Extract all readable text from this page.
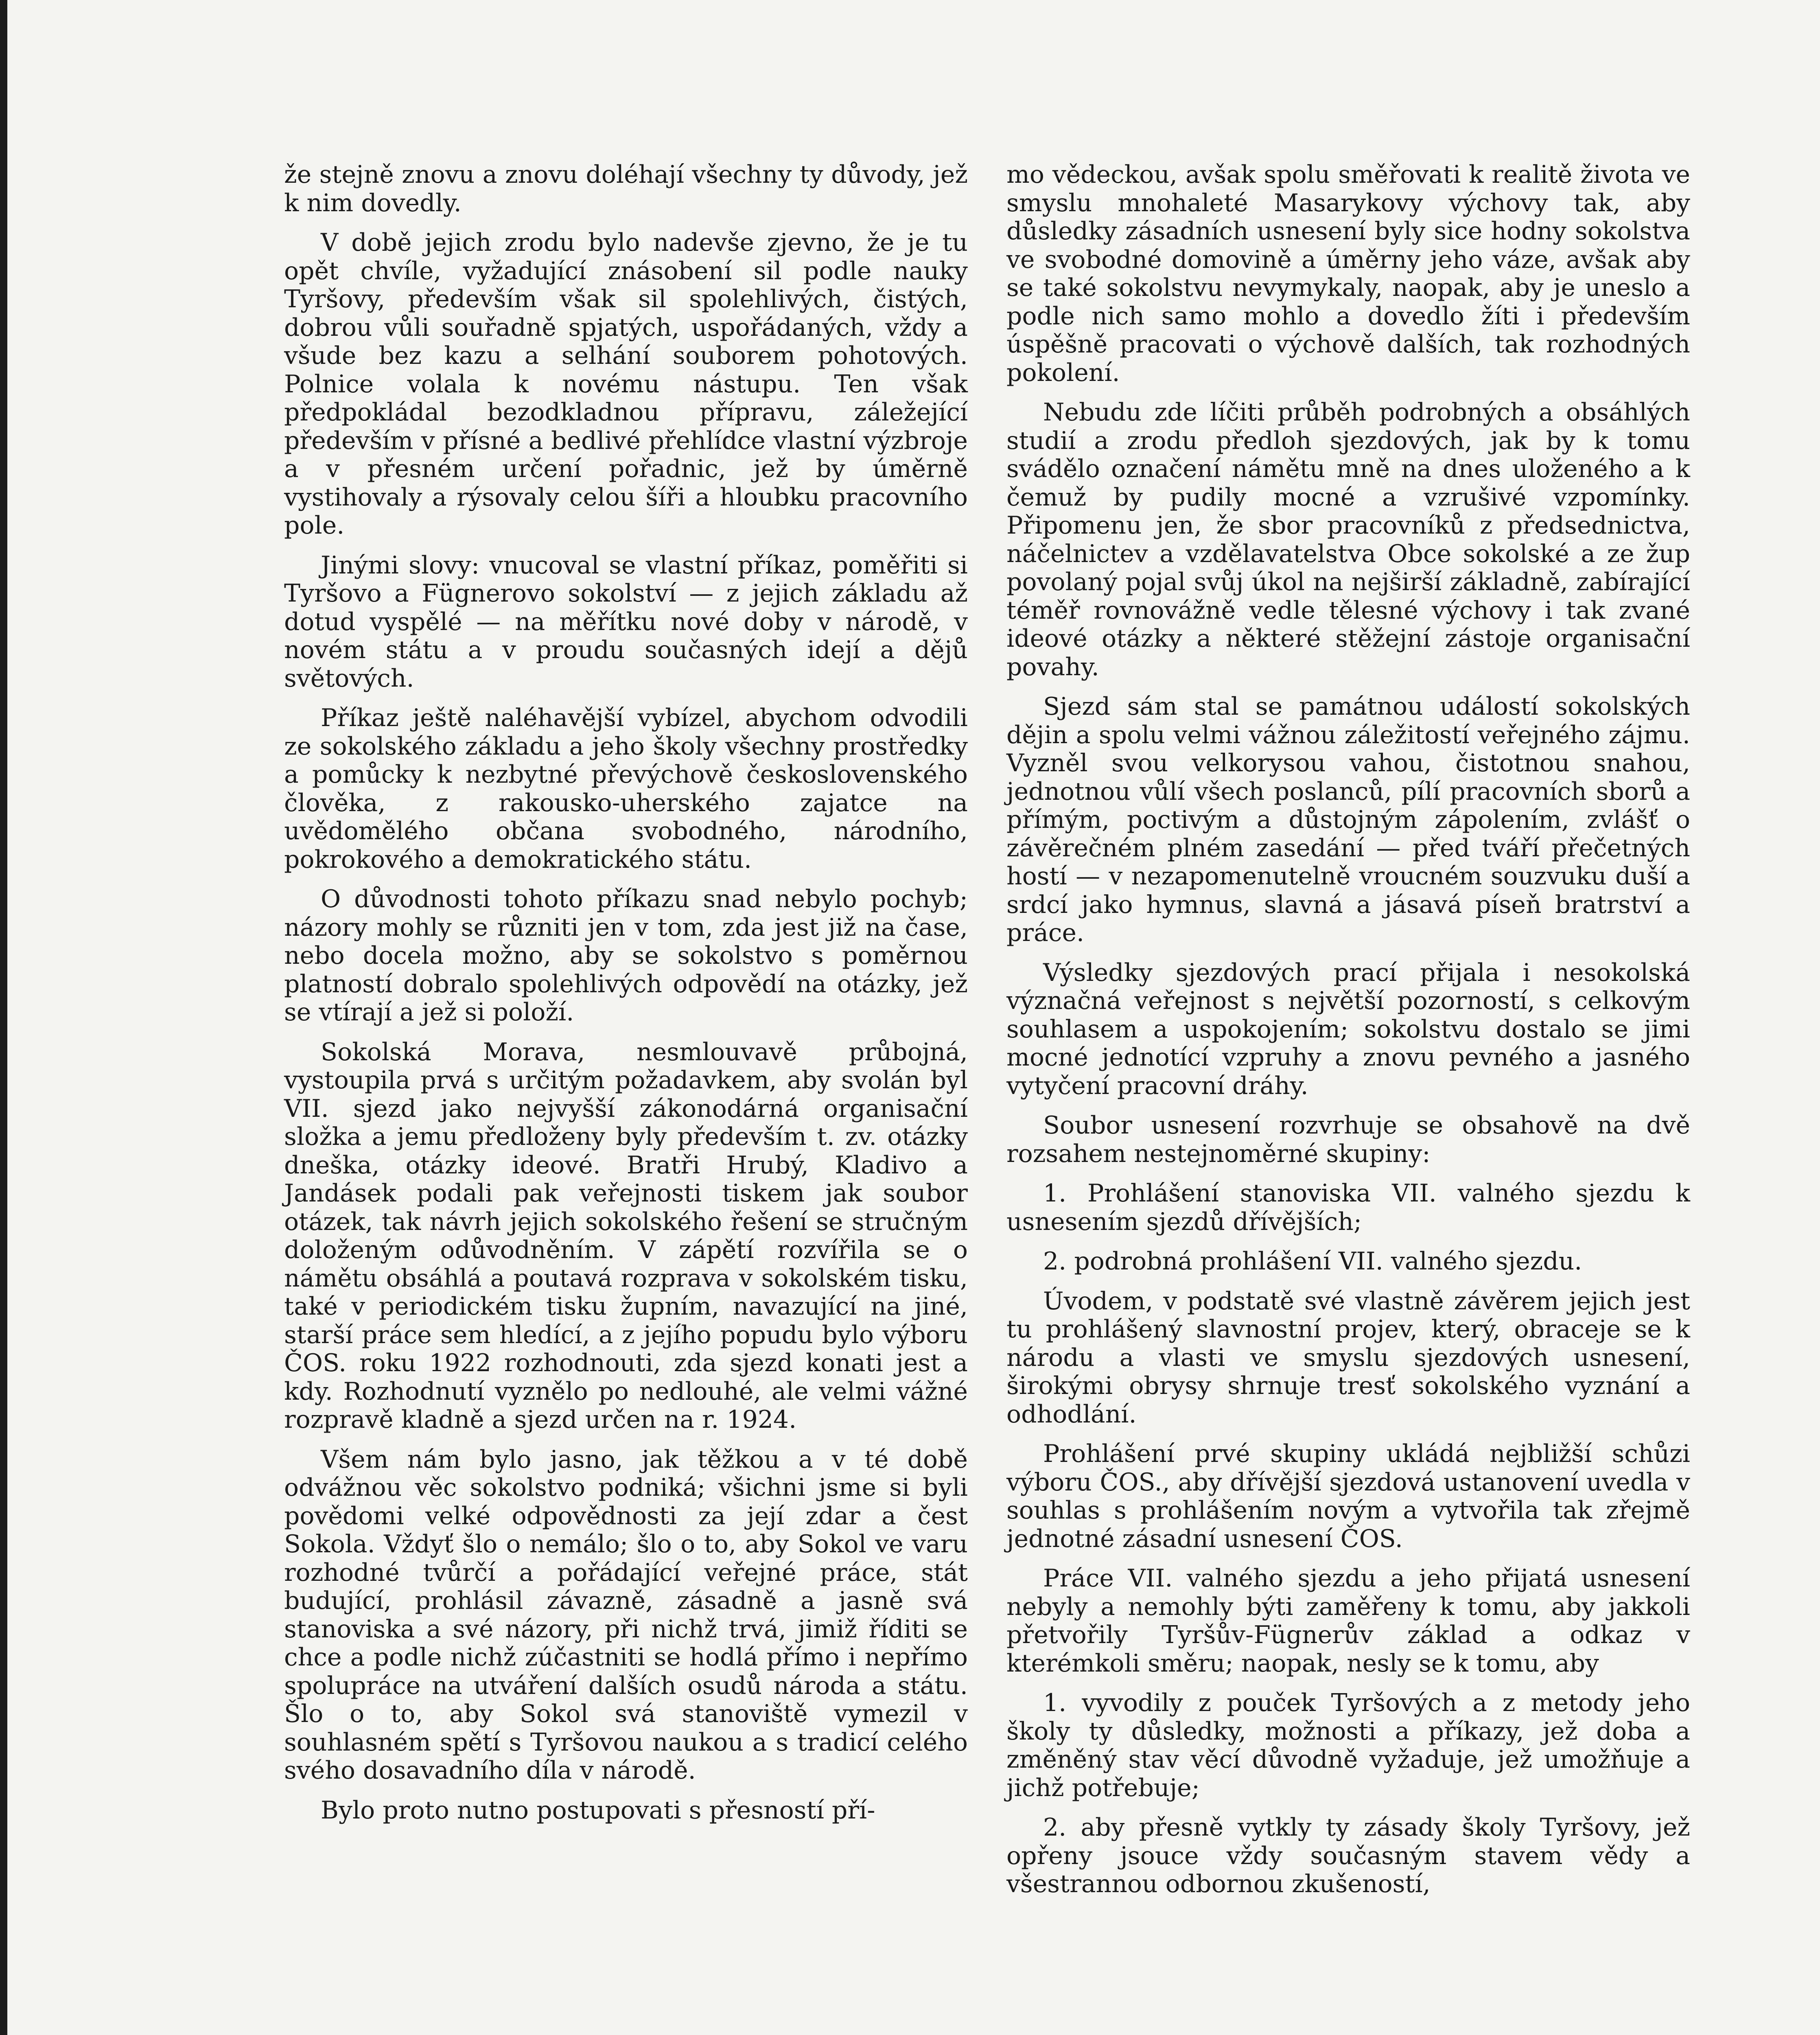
že stejně znovu a znovu doléhají všechny ty důvody, jež k nim dovedly.

V době jejich zrodu bylo nadevše zjevno, že je tu opět chvíle, vyžadující znásobení sil podle nauky Tyršovy, především však sil spolehlivých, čistých, dobrou vůli souřadně spjatých, uspořádaných, vždy a všude bez kazu a selhání souborem pohotových. Polnice volala k novému nástupu. Ten však předpokládal bezodkladnou přípravu, záležející především v přísné a bedlivé přehlídce vlastní výzbroje a v přesném určení pořadnic, jež by úměrně vystihovaly a rýsovaly celou šíři a hloubku pracovního pole.

Jinými slovy: vnucoval se vlastní příkaz, poměřiti si Tyršovo a Fügnerovo sokolství — z jejich základu až dotud vyspělé — na měřítku nové doby v národě, v novém státu a v proudu současných idejí a dějů světových.

Příkaz ještě naléhavější vybízel, abychom odvodili ze sokolského základu a jeho školy všechny prostředky a pomůcky k nezbytné převýchově československého člověka, z rakousko-uherského zajatce na uvědomělého občana svobodného, národního, pokrokového a demokratického státu.

O důvodnosti tohoto příkazu snad nebylo pochyb; názory mohly se různiti jen v tom, zda jest již na čase, nebo docela možno, aby se sokolstvo s poměrnou platností dobralo spolehlivých odpovědí na otázky, jež se vtírají a jež si položí.

Sokolská Morava, nesmlouvavě průbojná, vystoupila prvá s určitým požadavkem, aby svolán byl VII. sjezd jako nejvyšší zákonodárná organisační složka a jemu předloženy byly především t. zv. otázky dneška, otázky ideové. Bratři Hrubý, Kladivo a Jandásek podali pak veřejnosti tiskem jak soubor otázek, tak návrh jejich sokolského řešení se stručným doloženým odůvodněním. V zápětí rozvířila se o námětu obsáhlá a poutavá rozprava v sokolském tisku, také v periodickém tisku župním, navazující na jiné, starší práce sem hledící, a z jejího popudu bylo výboru ČOS. roku 1922 rozhodnouti, zda sjezd konati jest a kdy. Rozhodnutí vyznělo po nedlouhé, ale velmi vážné rozpravě kladně a sjezd určen na r. 1924.

Všem nám bylo jasno, jak těžkou a v té době odvážnou věc sokolstvo podniká; všichni jsme si byli povědomi velké odpovědnosti za její zdar a čest Sokola. Vždyť šlo o nemálo; šlo o to, aby Sokol ve varu rozhodné tvůrčí a pořádající veřejné práce, stát budující, prohlásil závazně, zásadně a jasně svá stanoviska a své názory, při nichž trvá, jimiž říditi se chce a podle nichž zúčastniti se hodlá přímo i nepřímo spolupráce na utváření dalších osudů národa a státu. Šlo o to, aby Sokol svá stanoviště vymezil v souhlasném spětí s Tyršovou naukou a s tradicí celého svého dosavadního díla v národě.

Bylo proto nutno postupovati s přesností pří-

mo vědeckou, avšak spolu směřovati k realitě života ve smyslu mnohaleté Masarykovy výchovy tak, aby důsledky zásadních usnesení byly sice hodny sokolstva ve svobodné domovině a úměrny jeho váze, avšak aby se také sokolstvu nevymykaly, naopak, aby je uneslo a podle nich samo mohlo a dovedlo žíti i především úspěšně pracovati o výchově dalších, tak rozhodných pokolení.

Nebudu zde líčiti průběh podrobných a obsáhlých studií a zrodu předloh sjezdových, jak by k tomu svádělo označení námětu mně na dnes uloženého a k čemuž by pudily mocné a vzrušivé vzpomínky. Připomenu jen, že sbor pracovníků z předsednictva, náčelnictev a vzdělavatelstva Obce sokolské a ze žup povolaný pojal svůj úkol na nejširší základně, zabírající téměř rovnovážně vedle tělesné výchovy i tak zvané ideové otázky a některé stěžejní zástoje organisační povahy.

Sjezd sám stal se památnou událostí sokolských dějin a spolu velmi vážnou záležitostí veřejného zájmu. Vyzněl svou velkorysou vahou, čistotnou snahou, jednotnou vůlí všech poslanců, pílí pracovních sborů a přímým, poctivým a důstojným zápolením, zvlášť o závěrečném plném zasedání — před tváří přečetných hostí — v nezapomenutelně vroucném souzvuku duší a srdcí jako hymnus, slavná a jásavá píseň bratrství a práce.

Výsledky sjezdových prací přijala i nesokolská význačná veřejnost s největší pozorností, s celkovým souhlasem a uspokojením; sokolstvu dostalo se jimi mocné jednotící vzpruhy a znovu pevného a jasného vytyčení pracovní dráhy.

Soubor usnesení rozvrhuje se obsahově na dvě rozsahem nestejnoměrné skupiny:

1. Prohlášení stanoviska VII. valného sjezdu k usnesením sjezdů dřívějších;

2. podrobná prohlášení VII. valného sjezdu.

Úvodem, v podstatě své vlastně závěrem jejich jest tu prohlášený slavnostní projev, který, obraceje se k národu a vlasti ve smyslu sjezdových usnesení, širokými obrysy shrnuje tresť sokolského vyznání a odhodlání.

Prohlášení prvé skupiny ukládá nejbližší schůzi výboru ČOS., aby dřívější sjezdová ustanovení uvedla v souhlas s prohlášením novým a vytvořila tak zřejmě jednotné zásadní usnesení ČOS.

Práce VII. valného sjezdu a jeho přijatá usnesení nebyly a nemohly býti zaměřeny k tomu, aby jakkoli přetvořily Tyršův-Fügnerův základ a odkaz v kterémkoli směru; naopak, nesly se k tomu, aby

1. vyvodily z pouček Tyršových a z metody jeho školy ty důsledky, možnosti a příkazy, jež doba a změněný stav věcí důvodně vyžaduje, jež umožňuje a jichž potřebuje;

2. aby přesně vytkly ty zásady školy Tyršovy, jež opřeny jsouce vždy současným stavem vědy a všestrannou odbornou zkušeností,
